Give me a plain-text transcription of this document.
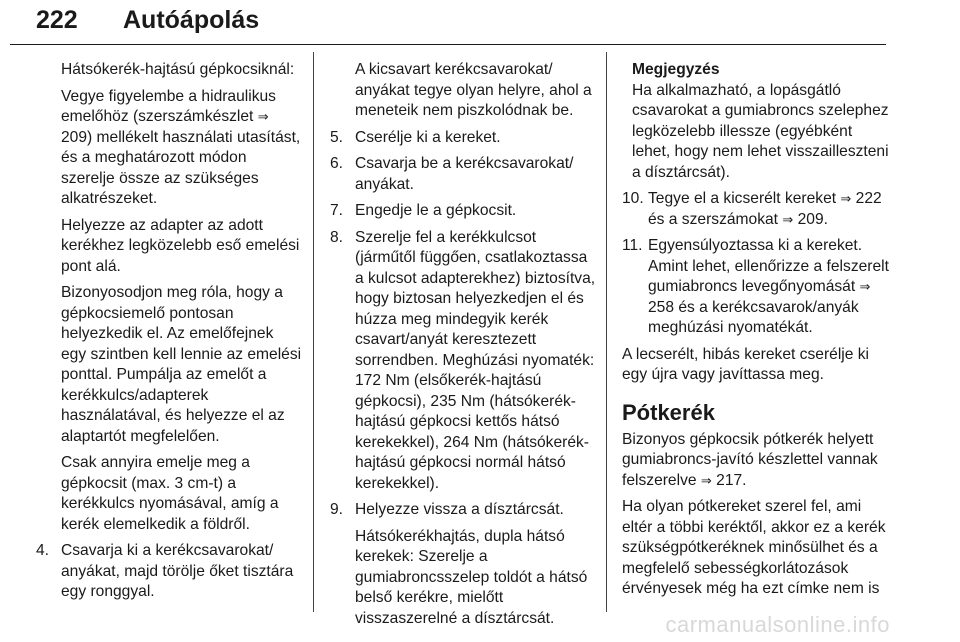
222 Autóápolás

Hátsókerék-hajtású gépkocsiknál:

Vegye figyelembe a hidraulikus emelőhöz (szerszámkészlet ⇒ 209) mellékelt használati utasítást, és a meghatározott módon szerelje össze az szükséges alkatrészeket.

Helyezze az adapter az adott kerékhez legközelebb eső emelési pont alá.

Bizonyosodjon meg róla, hogy a gépkocsiemelő pontosan helyezkedik el. Az emelőfejnek egy szintben kell lennie az emelési ponttal. Pumpálja az emelőt a kerékkulcs/adapterek használatával, és helyezze el az alaptartót megfelelően.

Csak annyira emelje meg a gépkocsit (max. 3 cm-t) a kerékkulcs nyomásával, amíg a kerék elemelkedik a földről.

4. Csavarja ki a kerékcsavarokat/ anyákat, majd törölje őket tisztára egy ronggyal.

A kicsavart kerékcsavarokat/ anyákat tegye olyan helyre, ahol a meneteik nem piszkolódnak be.

5. Cserélje ki a kereket.
6. Csavarja be a kerékcsavarokat/ anyákat.
7. Engedje le a gépkocsit.
8. Szerelje fel a kerékkulcsot (járműtől függően, csatlakoztassa a kulcsot adapterekhez) biztosítva, hogy biztosan helyezkedjen el és húzza meg mindegyik kerék csavart/anyát keresztezett sorrendben. Meghúzási nyomaték: 172 Nm (elsőkerék-hajtású gépkocsi), 235 Nm (hátsókerék-hajtású gépkocsi kettős hátsó kerekekkel), 264 Nm (hátsókerék-hajtású gépkocsi normál hátsó kerekekkel).
9. Helyezze vissza a dísztárcsát.

Hátsókerékhajtás, dupla hátsó kerekek: Szerelje a gumiabroncsszelep toldót a hátsó belső kerékre, mielőtt visszaszerelné a dísztárcsát.

Megjegyzés

Ha alkalmazható, a lopásgátló csavarokat a gumiabroncs szelephez legközelebb illessze (egyébként lehet, hogy nem lehet visszailleszteni a dísztárcsát).

10. Tegye el a kicserélt kereket ⇒ 222 és a szerszámokat ⇒ 209.
11. Egyensúlyoztassa ki a kereket. Amint lehet, ellenőrizze a felszerelt gumiabroncs levegőnyomását ⇒ 258 és a kerékcsavarok/anyák meghúzási nyomatékát.

A lecserélt, hibás kereket cserélje ki egy újra vagy javíttassa meg.

Pótkerék

Bizonyos gépkocsik pótkerék helyett gumiabroncs-javító készlettel vannak felszerelve ⇒ 217.

Ha olyan pótkereket szerel fel, ami eltér a többi keréktől, akkor ez a kerék szükségpótkeréknek minősülhet és a megfelelő sebességkorlátozások érvényesek még ha ezt címke nem is

carmanualsonline.info
